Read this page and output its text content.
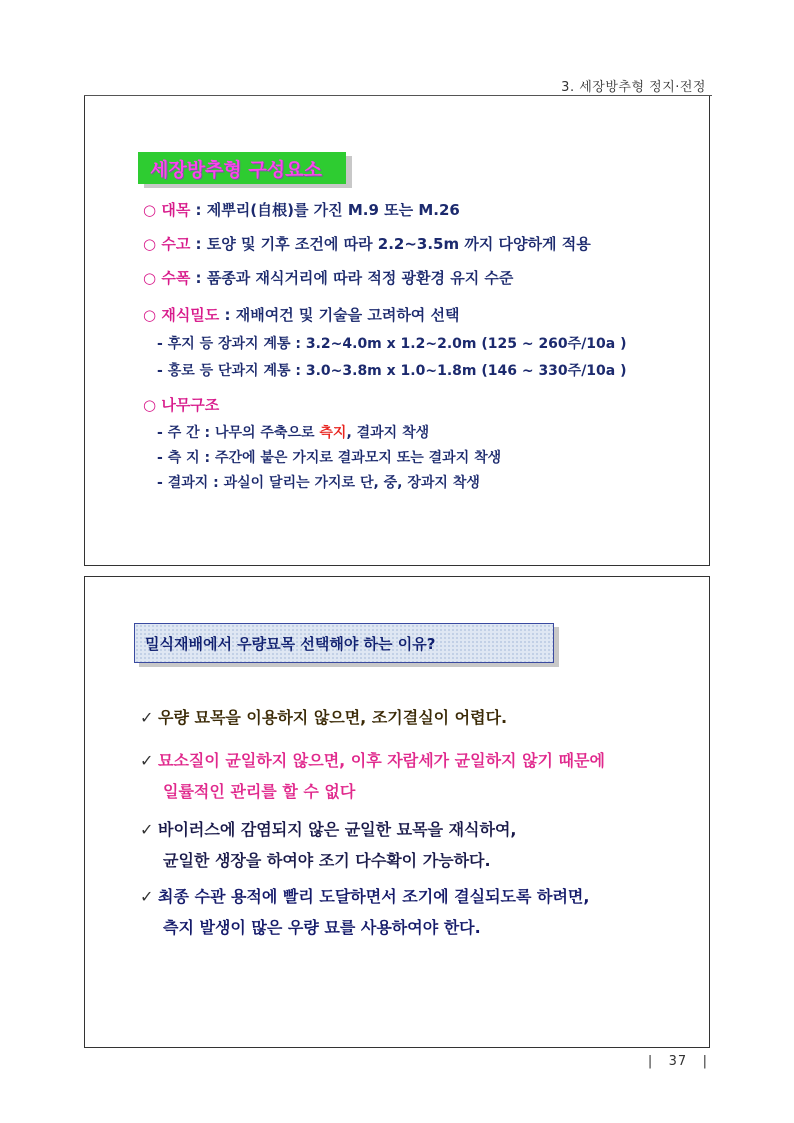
3. 세장방추형 정지·전정
세장방추형 구성요소
○ 대목 : 제뿌리(自根)를 가진 M.9 또는 M.26
○ 수고 : 토양 및 기후 조건에 따라 2.2~3.5m 까지 다양하게 적용
○ 수폭 : 품종과 재식거리에 따라 적정 광환경 유지 수준
○ 재식밀도 : 재배여건 및 기술을 고려하여 선택
- 후지 등 장과지 계통 : 3.2~4.0m x 1.2~2.0m (125 ~ 260주/10a )
- 홍로 등 단과지 계통 : 3.0~3.8m x 1.0~1.8m (146 ~ 330주/10a )
○ 나무구조
- 주 간 : 나무의 주축으로 측지, 결과지 착생
- 측 지 : 주간에 붙은 가지로 결과모지 또는 결과지 착생
- 결과지 : 과실이 달리는 가지로 단, 중, 장과지 착생
밀식재배에서 우량묘목 선택해야 하는 이유?
✓ 우량 묘목을 이용하지 않으면, 조기결실이 어렵다.
✓ 묘소질이 균일하지 않으면, 이후 자람세가 균일하지 않기 때문에
일률적인 관리를 할 수 없다
✓ 바이러스에 감염되지 않은 균일한 묘목을 재식하여,
균일한 생장을 하여야 조기 다수확이 가능하다.
✓ 최종 수관 용적에 빨리 도달하면서 조기에 결실되도록 하려면,
측지 발생이 많은 우량 묘를 사용하여야 한다.
| 37 |
